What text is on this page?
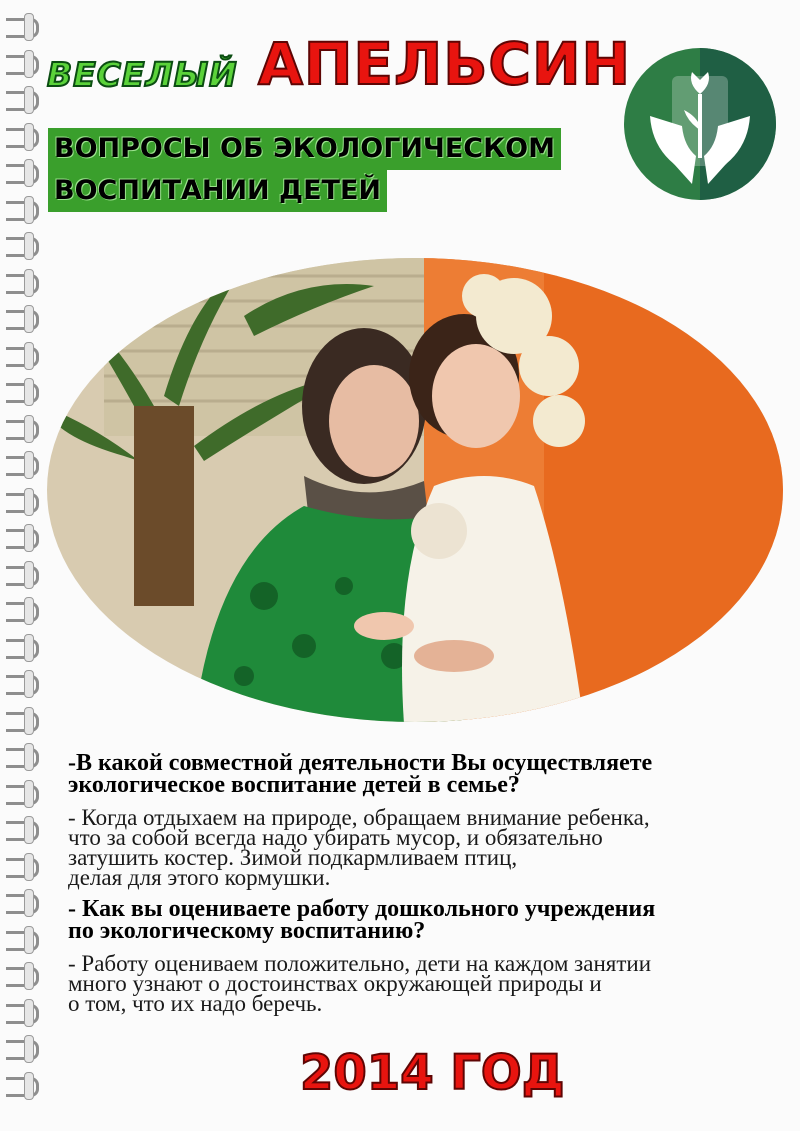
ВЕСЕЛЫЙ АПЕЛЬСИН
ВОПРОСЫ ОБ ЭКОЛОГИЧЕСКОМ
ВОСПИТАНИИ ДЕТЕЙ
-В какой совместной деятельности Вы осуществляете
экологическое воспитание детей в семье?
- Когда отдыхаем на природе, обращаем внимание ребенка,
что за собой всегда надо убирать мусор, и обязательно
затушить костер. Зимой подкармливаем птиц,
делая для этого кормушки.
- Как вы оцениваете работу дошкольного учреждения
по экологическому воспитанию?
- Работу оцениваем положительно, дети на каждом занятии
много узнают о достоинствах окружающей природы и
о том, что их надо беречь.
2014 ГОД
